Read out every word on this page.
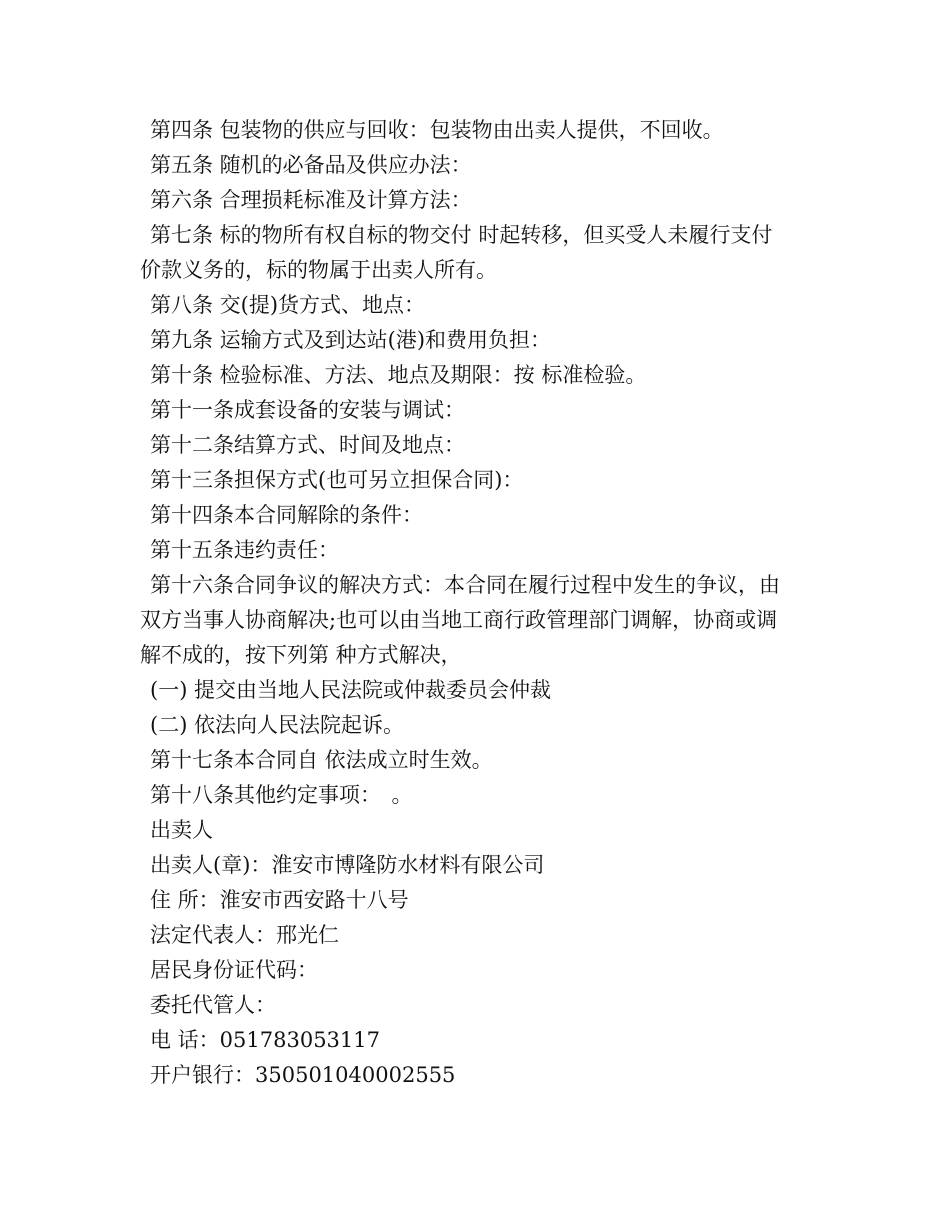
第四条 包装物的供应与回收：包装物由出卖人提供，不回收。
第五条 随机的必备品及供应办法：
第六条 合理损耗标准及计算方法：
第七条 标的物所有权自标的物交付 时起转移，但买受人未履行支付
价款义务的，标的物属于出卖人所有。
第八条 交(提)货方式、地点：
第九条 运输方式及到达站(港)和费用负担：
第十条 检验标准、方法、地点及期限：按 标准检验。
第十一条成套设备的安装与调试：
第十二条结算方式、时间及地点：
第十三条担保方式(也可另立担保合同)：
第十四条本合同解除的条件：
第十五条违约责任：
第十六条合同争议的解决方式：本合同在履行过程中发生的争议，由
双方当事人协商解决;也可以由当地工商行政管理部门调解，协商或调
解不成的，按下列第 种方式解决，
(一) 提交由当地人民法院或仲裁委员会仲裁
(二) 依法向人民法院起诉。
第十七条本合同自 依法成立时生效。
第十八条其他约定事项：　。
出卖人
出卖人(章)：淮安市博隆防水材料有限公司
住 所：淮安市西安路十八号
法定代表人：邢光仁
居民身份证代码：
委托代管人：
电 话：051783053117
开户银行：350501040002555
